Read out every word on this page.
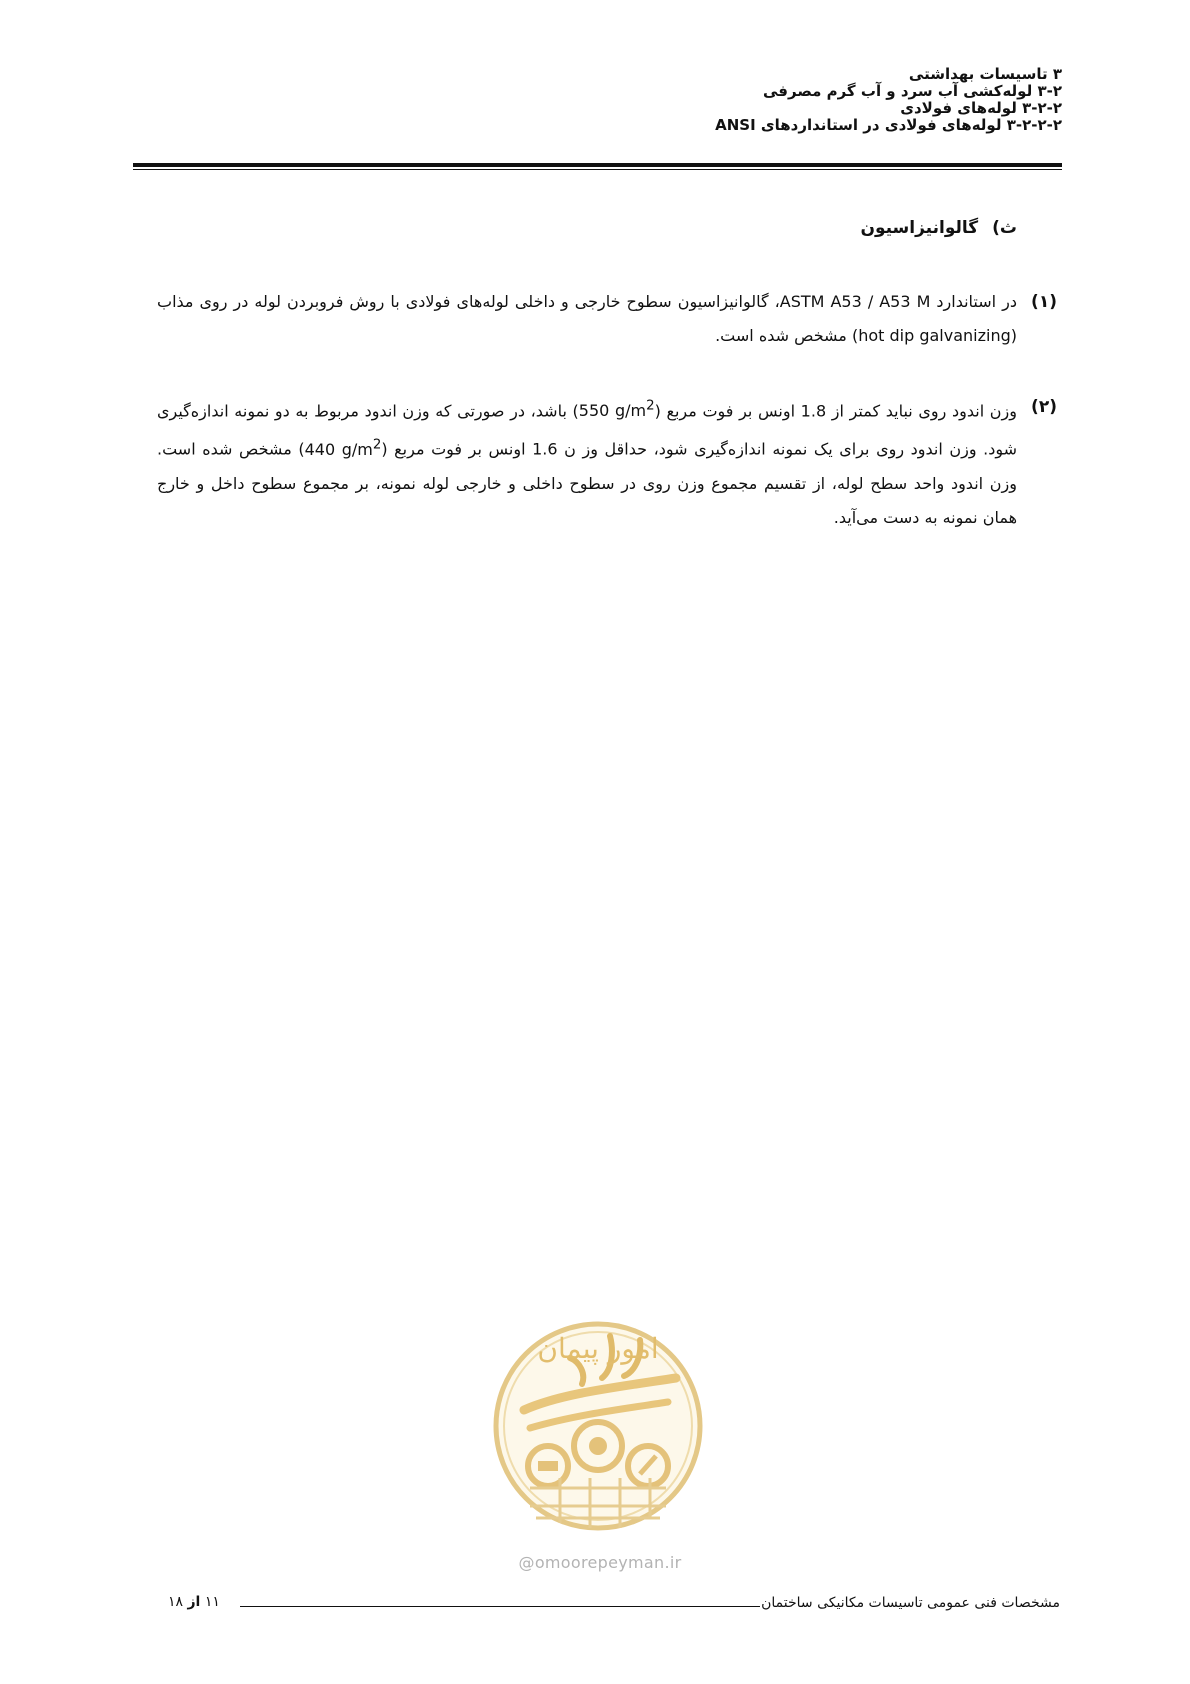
۳ تاسیسات بهداشتی
۳-۲ لوله‌کشی آب سرد و آب گرم مصرفی
۳-۲-۲ لوله‌های فولادی
۳-۲-۲-۲ لوله‌های فولادی در استانداردهای ANSI
ث)گالوانیزاسیون
(۱)
در استاندارد ASTM A53 / A53 M، گالوانیزاسیون سطوح خارجی و داخلی لوله‌های فولادی با روش فروبردن لوله در روی مذاب (hot dip galvanizing) مشخص شده است.
(۲)
وزن اندود روی نباید کمتر از 1.8 اونس بر فوت مربع (550 $g/m^2$) باشد، در صورتی که وزن اندود مربوط به دو نمونه اندازه‌گیری شود. وزن اندود روی برای یک نمونه اندازه‌گیری شود، حداقل وز ن 1.6 اونس بر فوت مربع (440 $g/m^2$) مشخص شده است. وزن اندود واحد سطح لوله، از تقسیم مجموع وزن روی در سطوح داخلی و خارجی لوله نمونه، بر مجموع سطوح داخل و خارج همان نمونه به دست می‌آید.
امور پیمان
@omoorepeyman.ir
مشخصات فنی عمومی تاسیسات مکانیکی ساختمان
۱۱ از ۱۸
